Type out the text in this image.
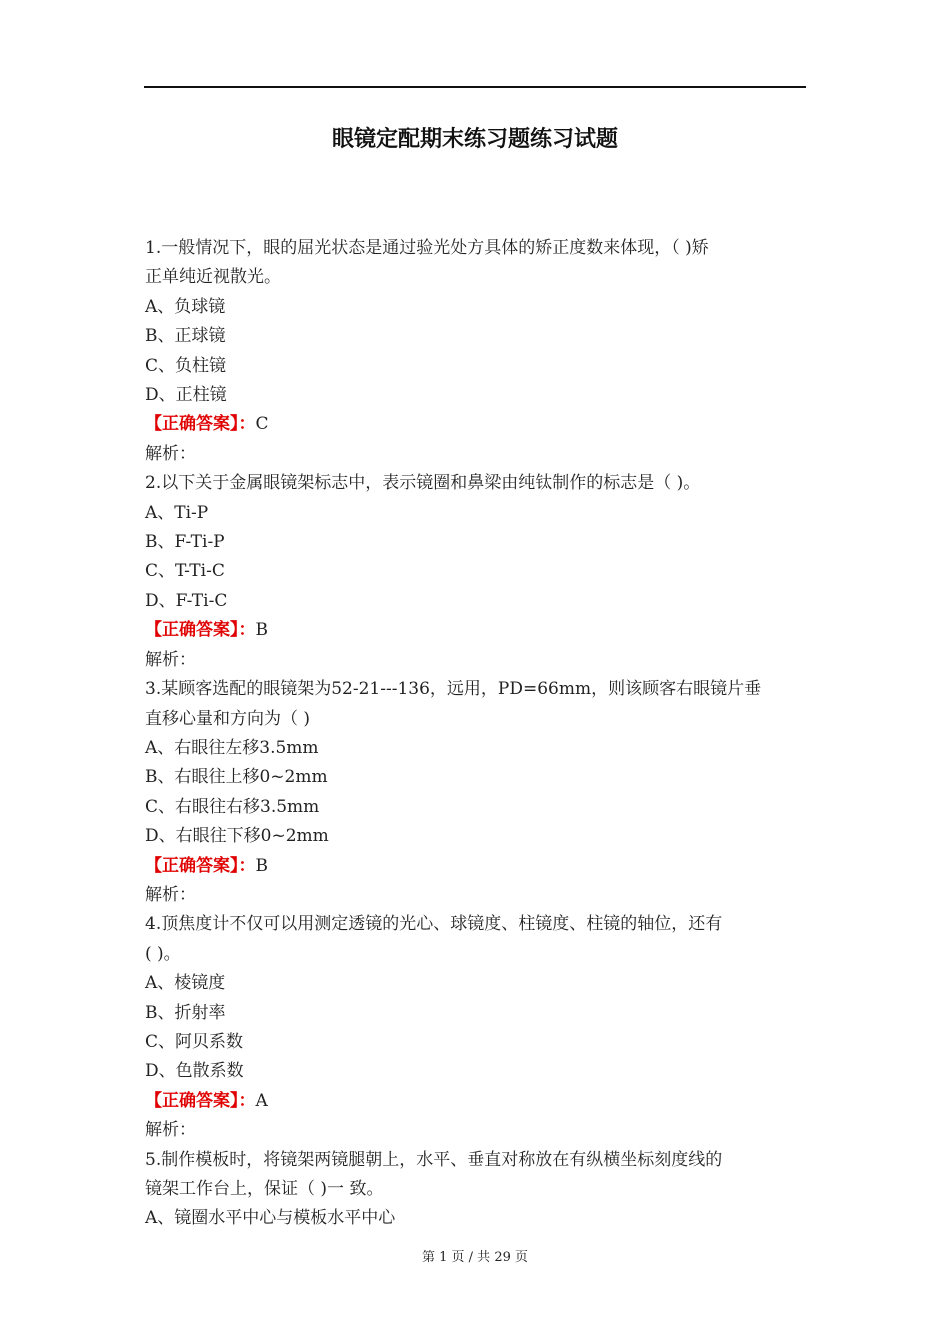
眼镜定配期末练习题练习试题
1.一般情况下，眼的屈光状态是通过验光处方具体的矫正度数来体现，（ )矫
正单纯近视散光。
A、负球镜
B、正球镜
C、负柱镜
D、正柱镜
【正确答案】：C
解析：
2.以下关于金属眼镜架标志中，表示镜圈和鼻梁由纯钛制作的标志是（ )。
A、Ti-P
B、F-Ti-P
C、T-Ti-C
D、F-Ti-C
【正确答案】：B
解析：
3.某顾客选配的眼镜架为52-21---136，远用，PD=66mm，则该顾客右眼镜片垂
直移心量和方向为（ )
A、右眼往左移3.5mm
B、右眼往上移0~2mm
C、右眼往右移3.5mm
D、右眼往下移0~2mm
【正确答案】：B
解析：
4.顶焦度计不仅可以用测定透镜的光心、球镜度、柱镜度、柱镜的轴位，还有
( )。
A、棱镜度
B、折射率
C、阿贝系数
D、色散系数
【正确答案】：A
解析：
5.制作模板时，将镜架两镜腿朝上，水平、垂直对称放在有纵横坐标刻度线的
镜架工作台上，保证（ )一 致。
A、镜圈水平中心与模板水平中心
第 1 页 / 共 29 页
